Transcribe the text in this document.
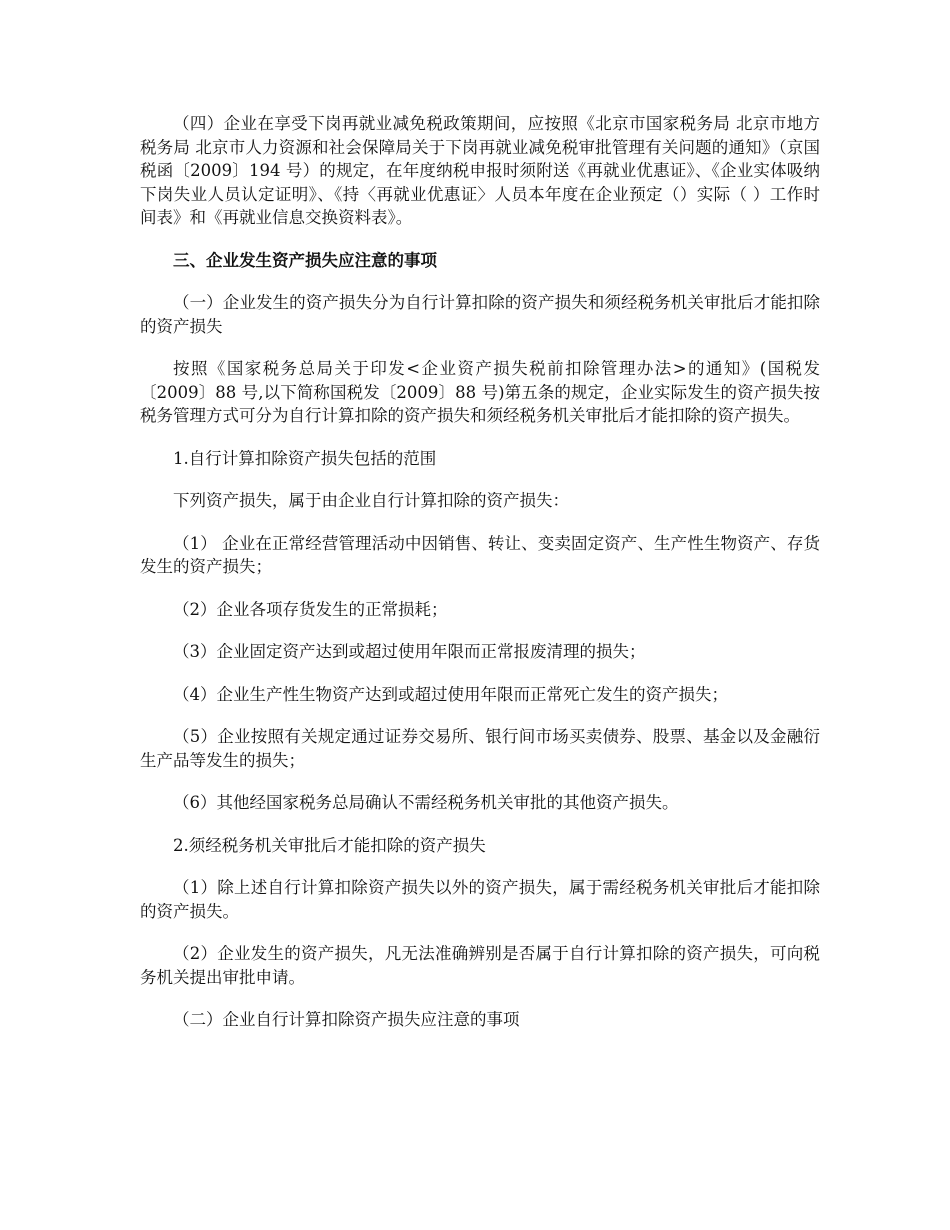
（四）企业在享受下岗再就业减免税政策期间，应按照《北京市国家税务局 北京市地方税务局 北京市人力资源和社会保障局关于下岗再就业减免税审批管理有关问题的通知》（京国税函〔2009〕194 号）的规定，在年度纳税申报时须附送《再就业优惠证》、《企业实体吸纳下岗失业人员认定证明》、《持〈再就业优惠证〉人员本年度在企业预定（）实际（ ）工作时间表》和《再就业信息交换资料表》。

三、企业发生资产损失应注意的事项

（一）企业发生的资产损失分为自行计算扣除的资产损失和须经税务机关审批后才能扣除的资产损失

按照《国家税务总局关于印发<企业资产损失税前扣除管理办法>的通知》(国税发〔2009〕88 号,以下简称国税发〔2009〕88 号)第五条的规定，企业实际发生的资产损失按税务管理方式可分为自行计算扣除的资产损失和须经税务机关审批后才能扣除的资产损失。

1.自行计算扣除资产损失包括的范围

下列资产损失，属于由企业自行计算扣除的资产损失：

（1） 企业在正常经营管理活动中因销售、转让、变卖固定资产、生产性生物资产、存货发生的资产损失；

（2）企业各项存货发生的正常损耗；

（3）企业固定资产达到或超过使用年限而正常报废清理的损失；

（4）企业生产性生物资产达到或超过使用年限而正常死亡发生的资产损失；

（5）企业按照有关规定通过证券交易所、银行间市场买卖债券、股票、基金以及金融衍生产品等发生的损失；

（6）其他经国家税务总局确认不需经税务机关审批的其他资产损失。

2.须经税务机关审批后才能扣除的资产损失

（1）除上述自行计算扣除资产损失以外的资产损失，属于需经税务机关审批后才能扣除的资产损失。

（2）企业发生的资产损失，凡无法准确辨别是否属于自行计算扣除的资产损失，可向税务机关提出审批申请。

（二）企业自行计算扣除资产损失应注意的事项
